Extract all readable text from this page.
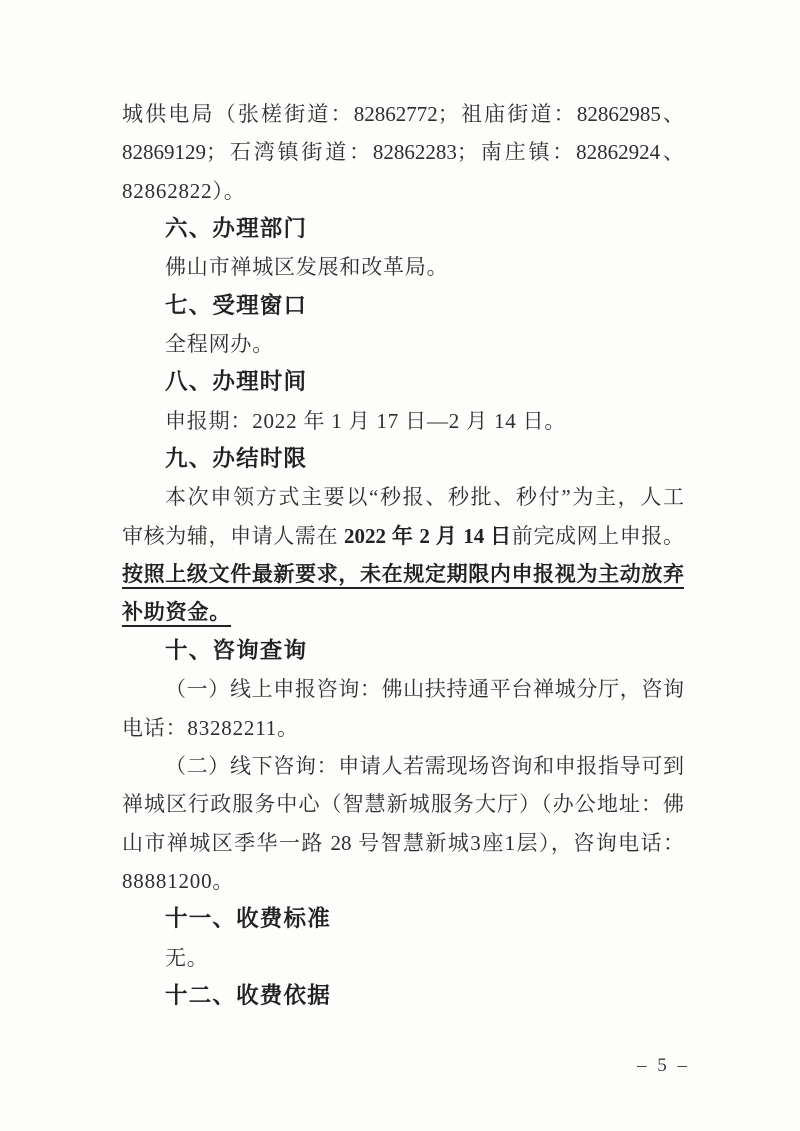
城供电局（张槎街道：82862772；祖庙街道：82862985、
82869129；石湾镇街道：82862283；南庄镇：82862924、
82862822）。
六、办理部门
佛山市禅城区发展和改革局。
七、受理窗口
全程网办。
八、办理时间
申报期：2022 年 1 月 17 日—2 月 14 日。
九、办结时限
本次申领方式主要以“秒报、秒批、秒付”为主，人工
审核为辅，申请人需在 2022 年 2 月 14 日前完成网上申报。
按照上级文件最新要求，未在规定期限内申报视为主动放弃
补助资金。
十、咨询查询
（一）线上申报咨询：佛山扶持通平台禅城分厅，咨询
电话：83282211。
（二）线下咨询：申请人若需现场咨询和申报指导可到
禅城区行政服务中心（智慧新城服务大厅）（办公地址：佛
山市禅城区季华一路 28 号智慧新城3座1层），咨询电话：
88881200。
十一、收费标准
无。
十二、收费依据
– 5 –
